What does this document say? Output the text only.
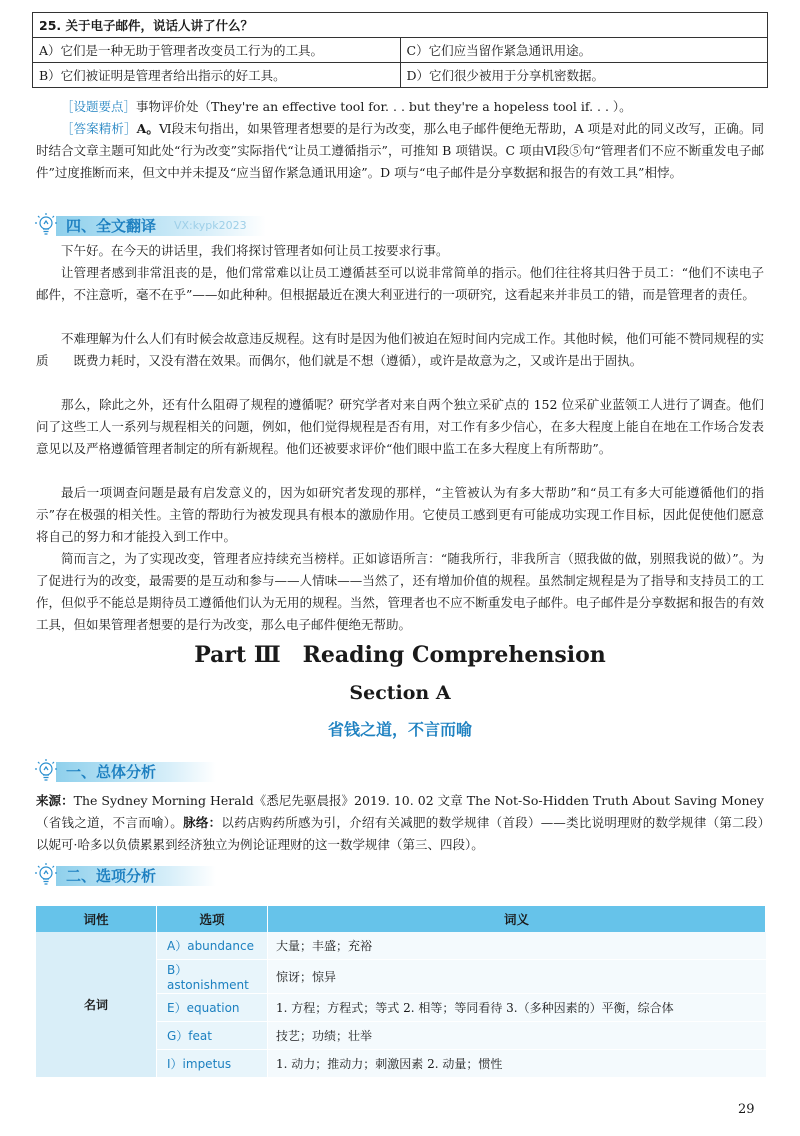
25. 关于电子邮件，说话人讲了什么？	
A）它们是一种无助于管理者改变员工行为的工具。	C）它们应当留作紧急通讯用途。
B）它们被证明是管理者给出指示的好工具。	D）它们很少被用于分享机密数据。
［设题要点］事物评价处（They're an effective tool for. . . but they're a hopeless tool if. . . ）。
［答案精析］A。Ⅵ段末句指出，如果管理者想要的是行为改变，那么电子邮件便绝无帮助，A 项是对此的同义改写，正确。同时结合文章主题可知此处“行为改变”实际指代“让员工遵循指示”，可推知 B 项错误。C 项由Ⅵ段⑤句“管理者们不应不断重发电子邮件”过度推断而来，但文中并未提及“应当留作紧急通讯用途”。D 项与“电子邮件是分享数据和报告的有效工具”相悖。
四、全文翻译 VX:kypk2023
下午好。在今天的讲话里，我们将探讨管理者如何让员工按要求行事。
让管理者感到非常沮丧的是，他们常常难以让员工遵循甚至可以说非常简单的指示。他们往往将其归咎于员工：“他们不读电子邮件，不注意听，毫不在乎”——如此种种。但根据最近在澳大利亚进行的一项研究，这看起来并非员工的错，而是管理者的责任。
不难理解为什么人们有时候会故意违反规程。这有时是因为他们被迫在短时间内完成工作。其他时候，他们可能不赞同规程的实质　　既费力耗时，又没有潜在效果。而偶尔，他们就是不想（遵循），或许是故意为之，又或许是出于固执。
那么，除此之外，还有什么阻碍了规程的遵循呢？研究学者对来自两个独立采矿点的 152 位采矿业蓝领工人进行了调查。他们问了这些工人一系列与规程相关的问题，例如，他们觉得规程是否有用，对工作有多少信心，在多大程度上能自在地在工作场合发表意见以及严格遵循管理者制定的所有新规程。他们还被要求评价“他们眼中监工在多大程度上有所帮助”。
最后一项调查问题是最有启发意义的，因为如研究者发现的那样，“主管被认为有多大帮助”和“员工有多大可能遵循他们的指示”存在极强的相关性。主管的帮助行为被发现具有根本的激励作用。它使员工感到更有可能成功实现工作目标，因此促使他们愿意将自己的努力和才能投入到工作中。
简而言之，为了实现改变，管理者应持续充当榜样。正如谚语所言：“随我所行，非我所言（照我做的做，别照我说的做）”。为了促进行为的改变，最需要的是互动和参与——人情味——当然了，还有增加价值的规程。虽然制定规程是为了指导和支持员工的工作，但似乎不能总是期待员工遵循他们认为无用的规程。当然，管理者也不应不断重发电子邮件。电子邮件是分享数据和报告的有效工具，但如果管理者想要的是行为改变，那么电子邮件便绝无帮助。
Part Ⅲ　Reading Comprehension
Section A
省钱之道，不言而喻
一、总体分析
来源：The Sydney Morning Herald《悉尼先驱晨报》2019. 10. 02 文章 The Not-So-Hidden Truth About Saving Money（省钱之道，不言而喻）。脉络：以药店购药所感为引，介绍有关减肥的数学规律（首段）——类比说明理财的数学规律（第二段）　　以妮可·哈多以负债累累到经济独立为例论证理财的这一数学规律（第三、四段）。
二、选项分析
词性	选项	词义
名词	A）abundance	大量；丰盛；充裕
	B）astonishment	惊讶；惊异
	E）equation	1. 方程；方程式；等式 2. 相等；等同看待 3.（多种因素的）平衡，综合体
	G）feat	技艺；功绩；壮举
	I）impetus	1. 动力；推动力；刺激因素 2. 动量；惯性
29
